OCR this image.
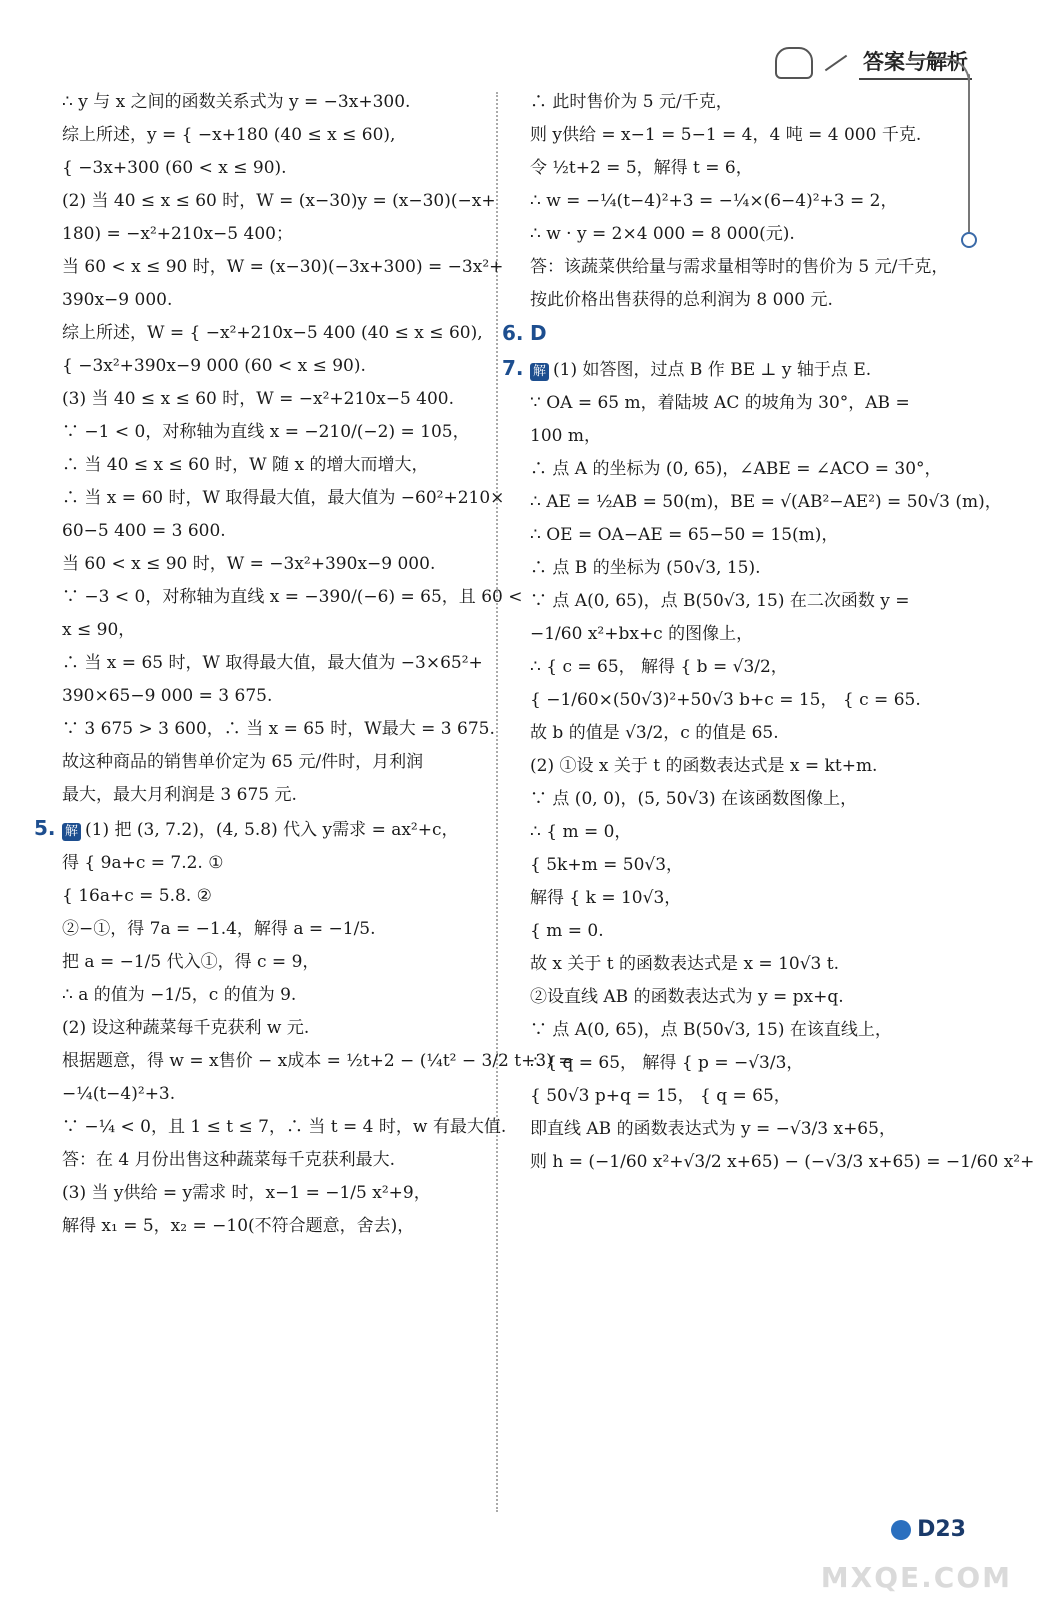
答案与解析
∴ y 与 x 之间的函数关系式为 y = −3x+300.
综上所述，y = { −x+180 (40 ≤ x ≤ 60),
{ −3x+300 (60 < x ≤ 90).
(2) 当 40 ≤ x ≤ 60 时，W = (x−30)y = (x−30)(−x+
180) = −x²+210x−5 400；
当 60 < x ≤ 90 时，W = (x−30)(−3x+300) = −3x²+
390x−9 000.
综上所述，W = { −x²+210x−5 400 (40 ≤ x ≤ 60),
{ −3x²+390x−9 000 (60 < x ≤ 90).
(3) 当 40 ≤ x ≤ 60 时，W = −x²+210x−5 400.
∵ −1 < 0，对称轴为直线 x = −210/(−2) = 105，
∴ 当 40 ≤ x ≤ 60 时，W 随 x 的增大而增大，
∴ 当 x = 60 时，W 取得最大值，最大值为 −60²+210×
60−5 400 = 3 600.
当 60 < x ≤ 90 时，W = −3x²+390x−9 000.
∵ −3 < 0，对称轴为直线 x = −390/(−6) = 65，且 60 <
x ≤ 90，
∴ 当 x = 65 时，W 取得最大值，最大值为 −3×65²+
390×65−9 000 = 3 675.
∵ 3 675 > 3 600，∴ 当 x = 65 时，W最大 = 3 675.
故这种商品的销售单价定为 65 元/件时，月利润
最大，最大月利润是 3 675 元.
5. 解 (1) 把 (3, 7.2)，(4, 5.8) 代入 y需求 = ax²+c，
得 { 9a+c = 7.2. ①
{ 16a+c = 5.8. ②
②−①，得 7a = −1.4，解得 a = −1/5.
把 a = −1/5 代入①，得 c = 9，
∴ a 的值为 −1/5，c 的值为 9.
(2) 设这种蔬菜每千克获利 w 元.
根据题意，得 w = x售价 − x成本 = ½t+2 − (¼t² − 3/2 t+3) =
−¼(t−4)²+3.
∵ −¼ < 0，且 1 ≤ t ≤ 7，∴ 当 t = 4 时，w 有最大值.
答：在 4 月份出售这种蔬菜每千克获利最大.
(3) 当 y供给 = y需求 时，x−1 = −1/5 x²+9，
解得 x₁ = 5，x₂ = −10(不符合题意，舍去)，
∴ 此时售价为 5 元/千克，
则 y供给 = x−1 = 5−1 = 4，4 吨 = 4 000 千克.
令 ½t+2 = 5，解得 t = 6，
∴ w = −¼(t−4)²+3 = −¼×(6−4)²+3 = 2，
∴ w · y = 2×4 000 = 8 000(元).
答：该蔬菜供给量与需求量相等时的售价为 5 元/千克，
按此价格出售获得的总利润为 8 000 元.
6. D
7. 解 (1) 如答图，过点 B 作 BE ⊥ y 轴于点 E.
∵ OA = 65 m，着陆坡 AC 的坡角为 30°，AB =
100 m，
∴ 点 A 的坐标为 (0, 65)，∠ABE = ∠ACO = 30°，
∴ AE = ½AB = 50(m)，BE = √(AB²−AE²) = 50√3 (m)，
∴ OE = OA−AE = 65−50 = 15(m)，
∴ 点 B 的坐标为 (50√3, 15).
∵ 点 A(0, 65)，点 B(50√3, 15) 在二次函数 y =
−1/60 x²+bx+c 的图像上，
∴ { c = 65， 解得 { b = √3/2，
{ −1/60×(50√3)²+50√3 b+c = 15， { c = 65.
故 b 的值是 √3/2，c 的值是 65.
(2) ①设 x 关于 t 的函数表达式是 x = kt+m.
∵ 点 (0, 0)，(5, 50√3) 在该函数图像上，
∴ { m = 0，
{ 5k+m = 50√3，
解得 { k = 10√3，
{ m = 0.
故 x 关于 t 的函数表达式是 x = 10√3 t.
②设直线 AB 的函数表达式为 y = px+q.
∵ 点 A(0, 65)，点 B(50√3, 15) 在该直线上，
∴ { q = 65， 解得 { p = −√3/3，
{ 50√3 p+q = 15， { q = 65，
即直线 AB 的函数表达式为 y = −√3/3 x+65，
则 h = (−1/60 x²+√3/2 x+65) − (−√3/3 x+65) = −1/60 x²+
D23
MXQE.COM
